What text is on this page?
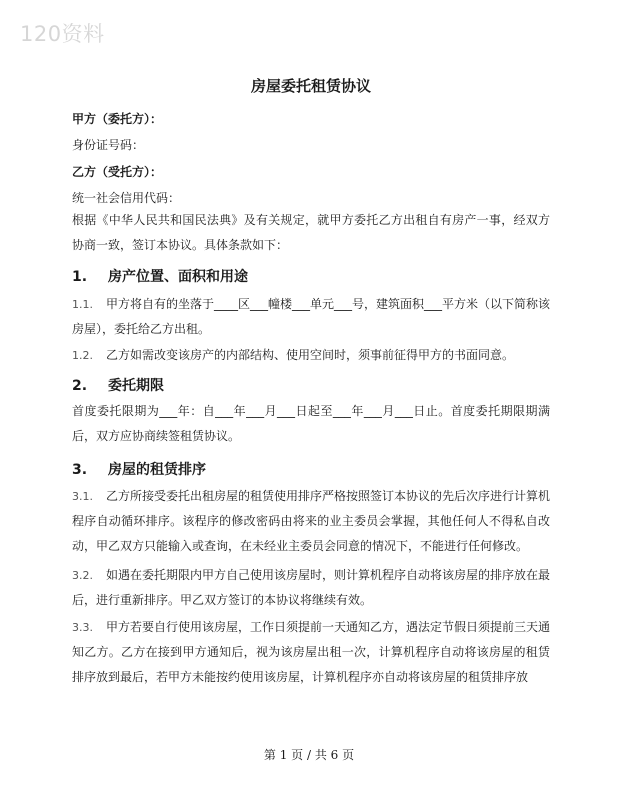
120资料
房屋委托租赁协议
甲方（委托方）：
身份证号码：
乙方（受托方）：
统一社会信用代码：
根据《中华人民共和国民法典》及有关规定，就甲方委托乙方出租自有房产一事，经双方协商一致，签订本协议。具体条款如下：
1. 房产位置、面积和用途
1.1. 甲方将自有的坐落于____区___幢楼___单元___号，建筑面积___平方米（以下简称该房屋），委托给乙方出租。
1.2. 乙方如需改变该房产的内部结构、使用空间时，须事前征得甲方的书面同意。
2. 委托期限
首度委托限期为___年：自___年___月___日起至___年___月___日止。首度委托期限期满后，双方应协商续签租赁协议。
3. 房屋的租赁排序
3.1. 乙方所接受委托出租房屋的租赁使用排序严格按照签订本协议的先后次序进行计算机程序自动循环排序。该程序的修改密码由将来的业主委员会掌握，其他任何人不得私自改动，甲乙双方只能输入或查询，在未经业主委员会同意的情况下，不能进行任何修改。
3.2. 如遇在委托期限内甲方自己使用该房屋时，则计算机程序自动将该房屋的排序放在最后，进行重新排序。甲乙双方签订的本协议将继续有效。
3.3. 甲方若要自行使用该房屋，工作日须提前一天通知乙方，遇法定节假日须提前三天通知乙方。乙方在接到甲方通知后，视为该房屋出租一次，计算机程序自动将该房屋的租赁排序放到最后，若甲方未能按约使用该房屋，计算机程序亦自动将该房屋的租赁排序放
第 1 页 / 共 6 页
